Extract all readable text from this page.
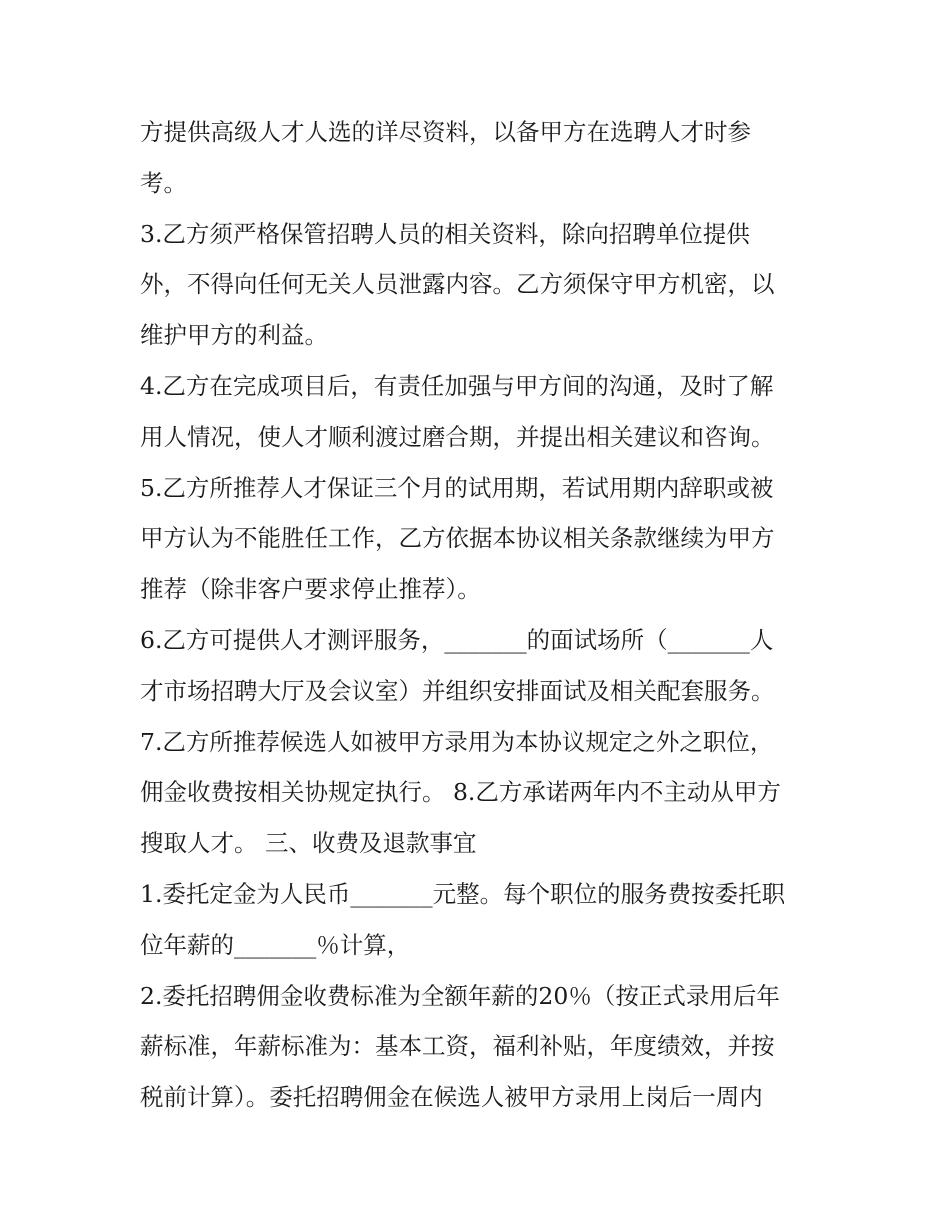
方提供高级人才人选的详尽资料，以备甲方在选聘人才时参
考。
3.乙方须严格保管招聘人员的相关资料，除向招聘单位提供
外，不得向任何无关人员泄露内容。乙方须保守甲方机密，以
维护甲方的利益。
4.乙方在完成项目后，有责任加强与甲方间的沟通，及时了解
用人情况，使人才顺利渡过磨合期，并提出相关建议和咨询。
5.乙方所推荐人才保证三个月的试用期，若试用期内辞职或被
甲方认为不能胜任工作，乙方依据本协议相关条款继续为甲方
推荐（除非客户要求停止推荐）。
6.乙方可提供人才测评服务，_______的面试场所（_______人
才市场招聘大厅及会议室）并组织安排面试及相关配套服务。
7.乙方所推荐候选人如被甲方录用为本协议规定之外之职位，
佣金收费按相关协规定执行。 8.乙方承诺两年内不主动从甲方
搜取人才。 三、收费及退款事宜
1.委托定金为人民币_______元整。每个职位的服务费按委托职
位年薪的_______％计算，
2.委托招聘佣金收费标准为全额年薪的20％（按正式录用后年
薪标准，年薪标准为：基本工资，福利补贴，年度绩效，并按
税前计算）。委托招聘佣金在候选人被甲方录用上岗后一周内
